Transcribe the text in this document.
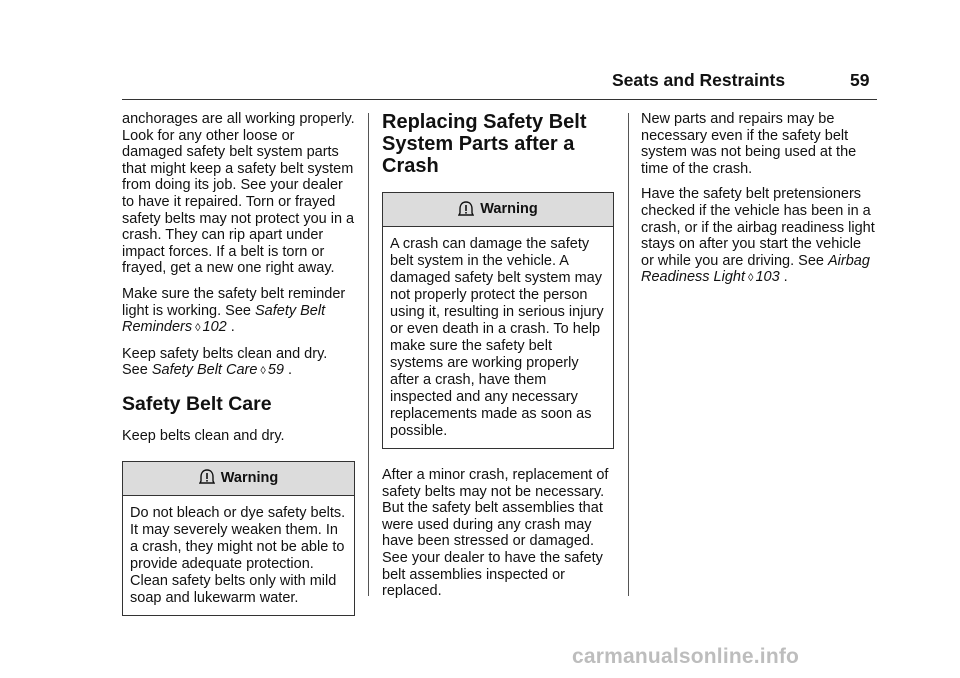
Seats and Restraints	59

anchorages are all working properly. Look for any other loose or damaged safety belt system parts that might keep a safety belt system from doing its job. See your dealer to have it repaired. Torn or frayed safety belts may not protect you in a crash. They can rip apart under impact forces. If a belt is torn or frayed, get a new one right away.

Make sure the safety belt reminder light is working. See Safety Belt Reminders ◊ 102 .

Keep safety belts clean and dry. See Safety Belt Care ◊ 59 .

Safety Belt Care

Keep belts clean and dry.

Warning
Do not bleach or dye safety belts. It may severely weaken them. In a crash, they might not be able to provide adequate protection. Clean safety belts only with mild soap and lukewarm water.
Replacing Safety Belt System Parts after a Crash
Warning
A crash can damage the safety belt system in the vehicle. A damaged safety belt system may not properly protect the person using it, resulting in serious injury or even death in a crash. To help make sure the safety belt systems are working properly after a crash, have them inspected and any necessary replacements made as soon as possible.

After a minor crash, replacement of safety belts may not be necessary. But the safety belt assemblies that were used during any crash may have been stressed or damaged. See your dealer to have the safety belt assemblies inspected or replaced.

New parts and repairs may be necessary even if the safety belt system was not being used at the time of the crash.

Have the safety belt pretensioners checked if the vehicle has been in a crash, or if the airbag readiness light stays on after you start the vehicle or while you are driving. See Airbag Readiness Light ◊ 103 .

carmanualsonline.info
